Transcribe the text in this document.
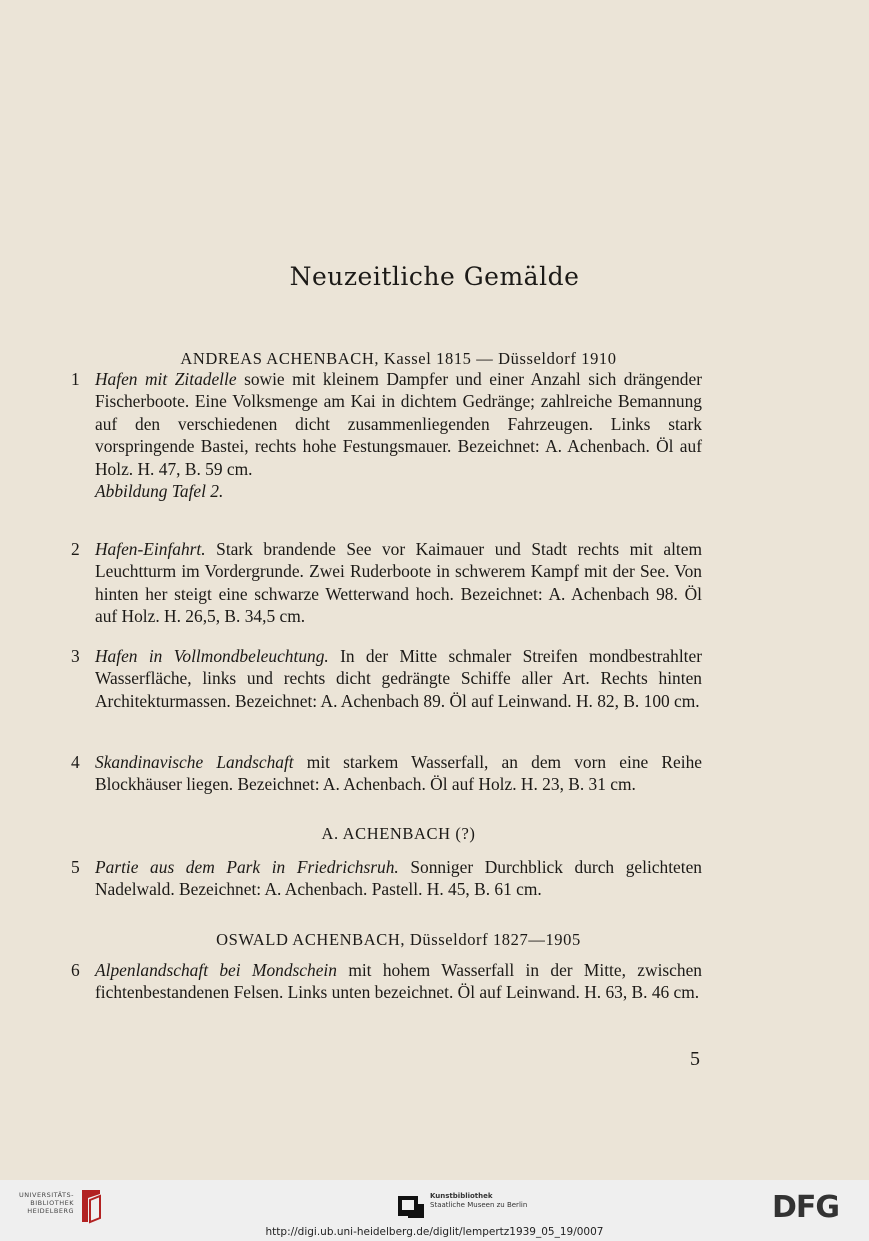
Neuzeitliche Gemälde
ANDREAS ACHENBACH, Kassel 1815 — Düsseldorf 1910
1 Hafen mit Zitadelle sowie mit kleinem Dampfer und einer Anzahl sich drängender Fischerboote. Eine Volksmenge am Kai in dichtem Gedränge; zahlreiche Bemannung auf den verschiedenen dicht zusammenliegenden Fahrzeugen. Links stark vorspringende Bastei, rechts hohe Festungsmauer. Bezeichnet: A. Achenbach. Öl auf Holz. H. 47, B. 59 cm.
Abbildung Tafel 2.
2 Hafen-Einfahrt. Stark brandende See vor Kaimauer und Stadt rechts mit altem Leuchtturm im Vordergrunde. Zwei Ruderboote in schwerem Kampf mit der See. Von hinten her steigt eine schwarze Wetterwand hoch. Bezeichnet: A. Achenbach 98. Öl auf Holz. H. 26,5, B. 34,5 cm.
3 Hafen in Vollmondbeleuchtung. In der Mitte schmaler Streifen mondbestrahlter Wasserfläche, links und rechts dicht gedrängte Schiffe aller Art. Rechts hinten Architekturmassen. Bezeichnet: A. Achenbach 89. Öl auf Leinwand. H. 82, B. 100 cm.
4 Skandinavische Landschaft mit starkem Wasserfall, an dem vorn eine Reihe Blockhäuser liegen. Bezeichnet: A. Achenbach. Öl auf Holz. H. 23, B. 31 cm.
A. ACHENBACH (?)
5 Partie aus dem Park in Friedrichsruh. Sonniger Durchblick durch gelichteten Nadelwald. Bezeichnet: A. Achenbach. Pastell. H. 45, B. 61 cm.
OSWALD ACHENBACH, Düsseldorf 1827—1905
6 Alpenlandschaft bei Mondschein mit hohem Wasserfall in der Mitte, zwischen fichtenbestandenen Felsen. Links unten bezeichnet. Öl auf Leinwand. H. 63, B. 46 cm.
5
UNIVERSITÄTS-
BIBLIOTHEK
HEIDELBERG
Kunstbibliothek
Staatliche Museen zu Berlin	DFG
http://digi.ub.uni-heidelberg.de/diglit/lempertz1939_05_19/0007
